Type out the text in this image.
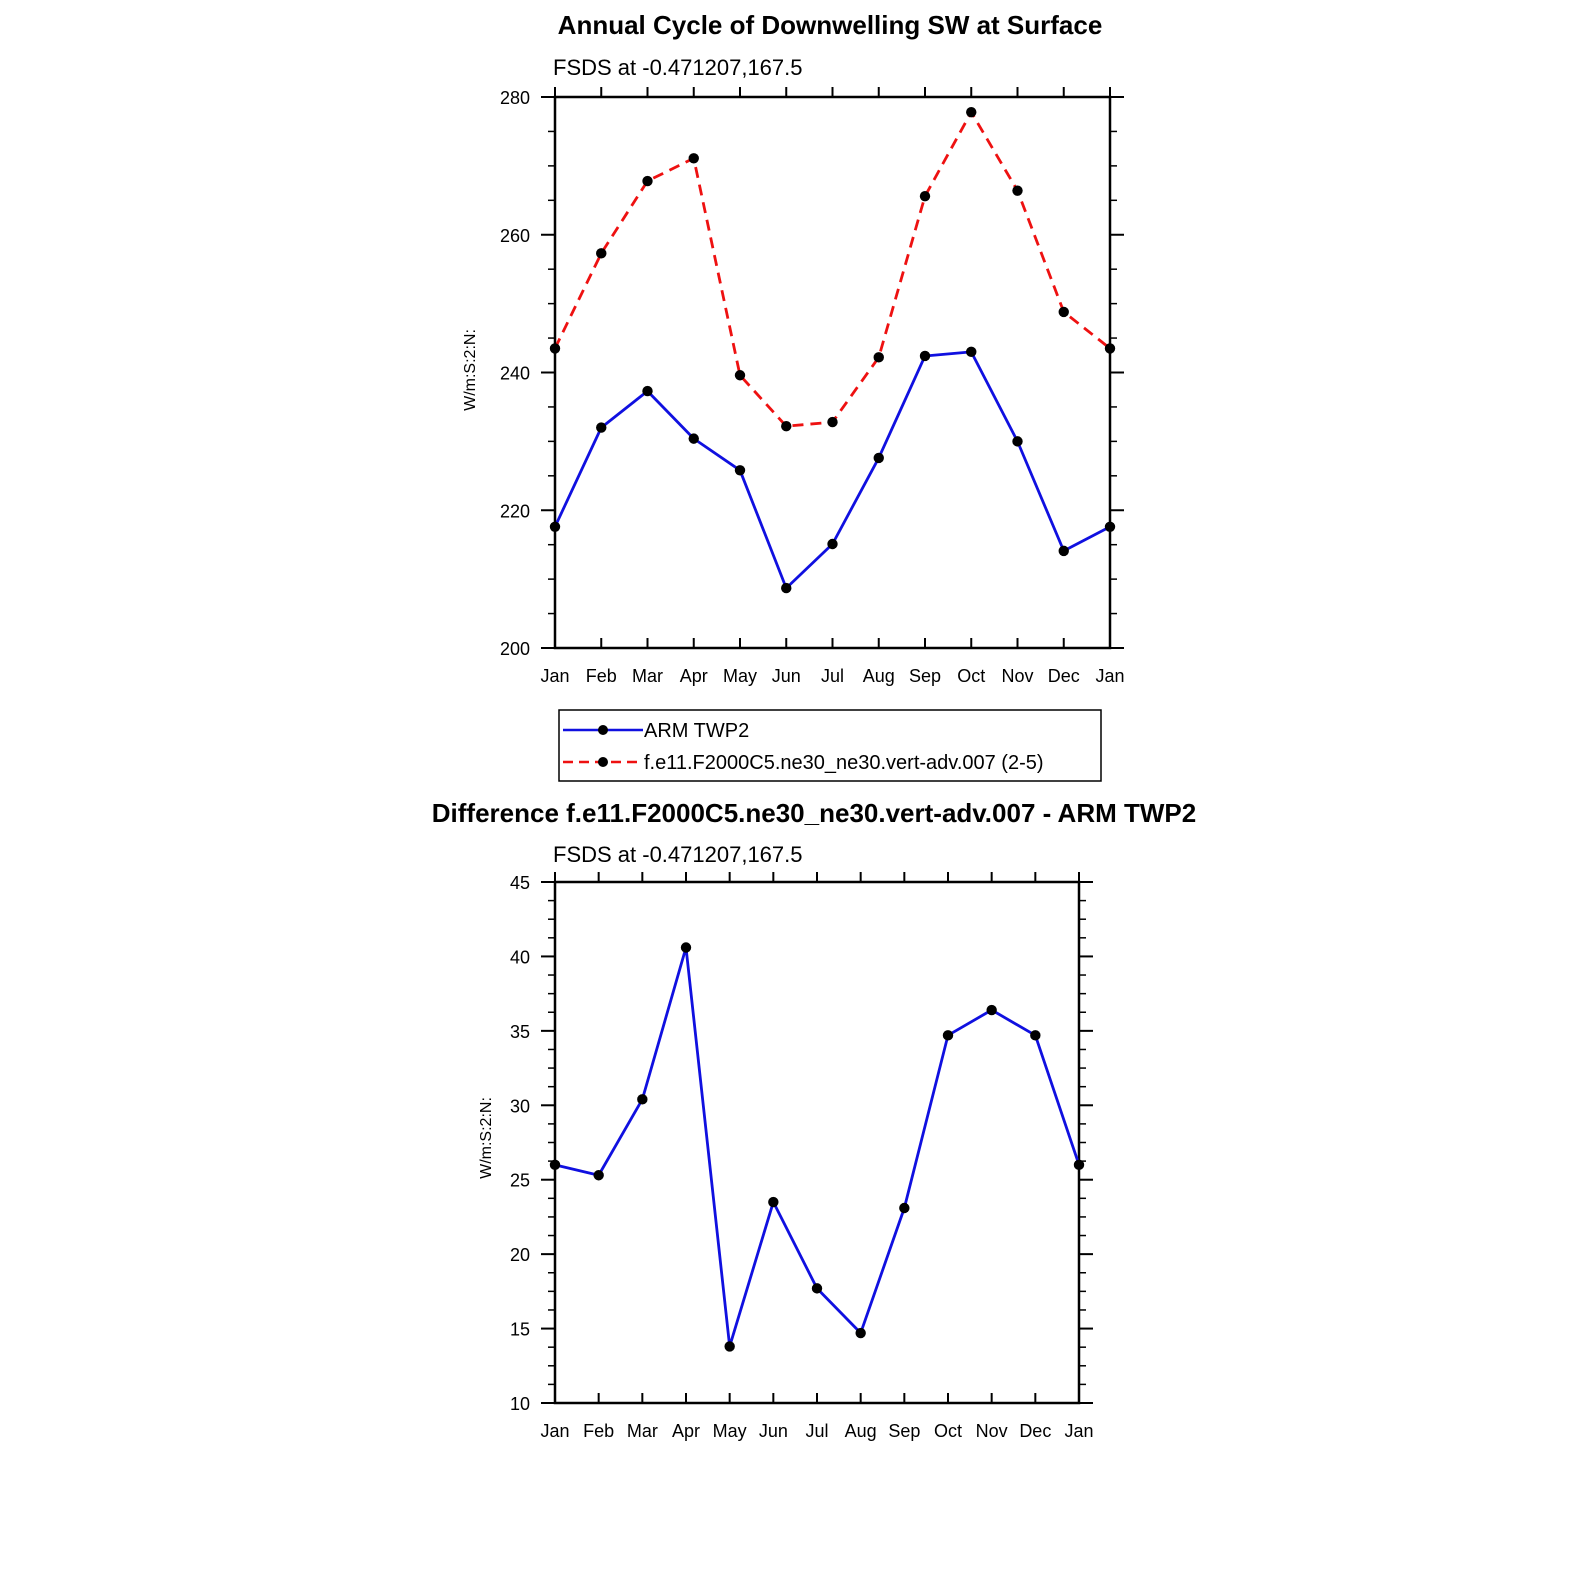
Annual Cycle of Downwelling SW at Surface
FSDS at -0.471207,167.5
W/m:S:2:N:
Jan Feb Mar Apr May Jun Jul Aug Sep Oct Nov Dec Jan
200
220
240
260
280
ARM TWP2
f.e11.F2000C5.ne30_ne30.vert-adv.007 (2-5)
Difference f.e11.F2000C5.ne30_ne30.vert-adv.007 - ARM TWP2
FSDS at -0.471207,167.5
W/m:S:2:N:
Jan Feb Mar Apr May Jun Jul Aug Sep Oct Nov Dec Jan
10
15
20
25
30
35
40
45
